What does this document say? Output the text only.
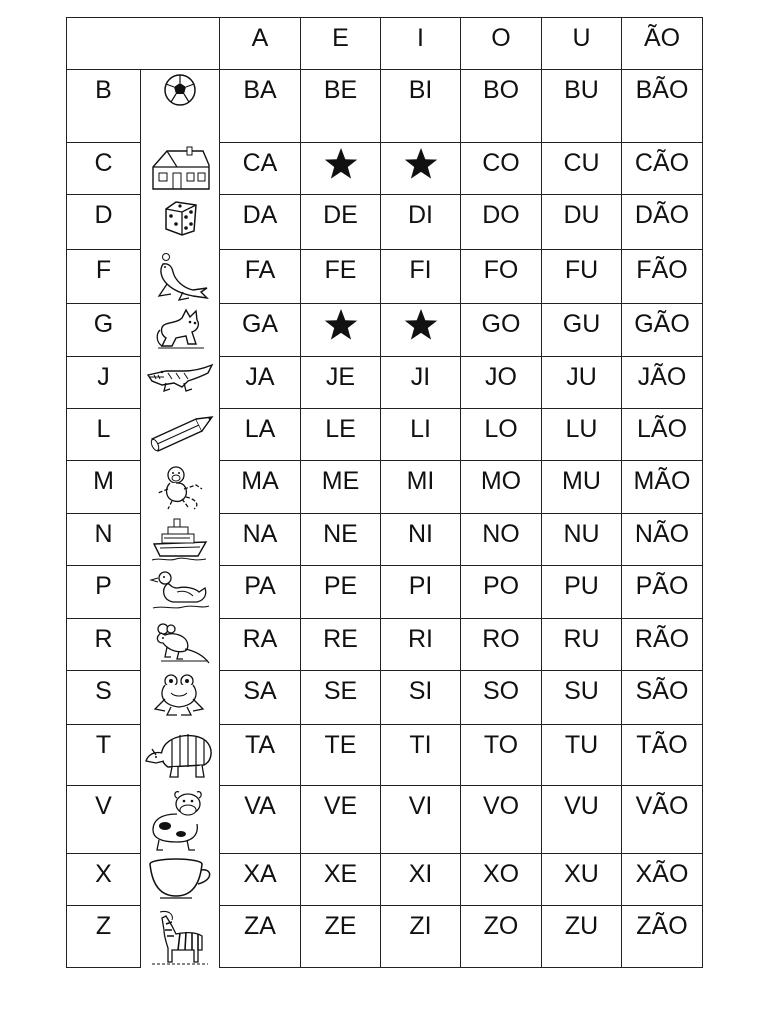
		A	E	I	O	U	ÃO

B		BA	BE	BI	BO	BU	BÃO

C		CA			CO	CU	CÃO

D		DA	DE	DI	DO	DU	DÃO

F		FA	FE	FI	FO	FU	FÃO

G		GA			GO	GU	GÃO

J		JA	JE	JI	JO	JU	JÃO

L		LA	LE	LI	LO	LU	LÃO

M		MA	ME	MI	MO	MU	MÃO

N		NA	NE	NI	NO	NU	NÃO

P		PA	PE	PI	PO	PU	PÃO

R		RA	RE	RI	RO	RU	RÃO

S		SA	SE	SI	SO	SU	SÃO

T		TA	TE	TI	TO	TU	TÃO

V		VA	VE	VI	VO	VU	VÃO

X		XA	XE	XI	XO	XU	XÃO

Z		ZA	ZE	ZI	ZO	ZU	ZÃO
